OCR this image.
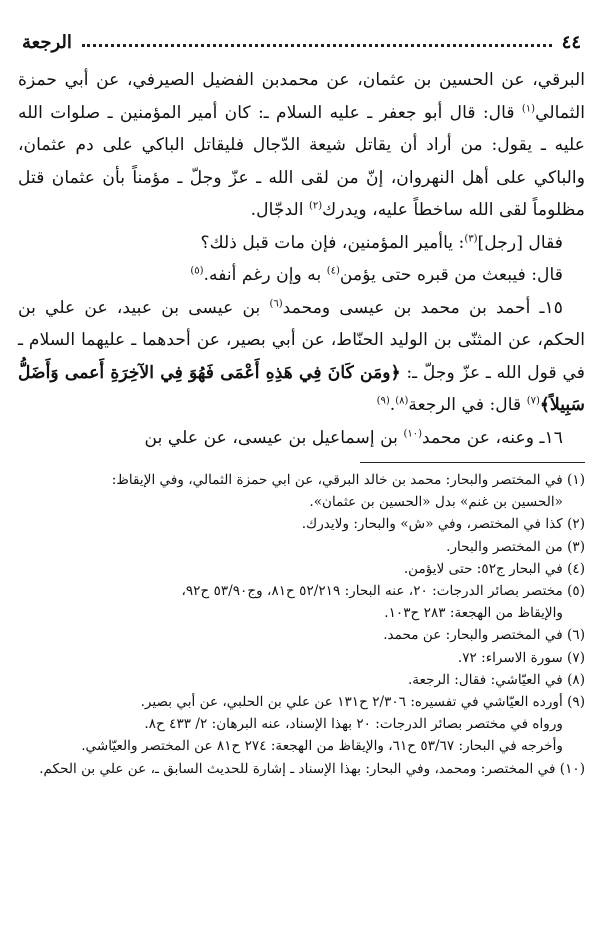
الرجعة	٤٤

البرقي، عن الحسين بن عثمان، عن محمدبن الفضيل الصيرفي، عن أبي حمزة الثمالي$^{(١)}$ قال: قال أبو جعفر ـ عليه السلام ـ: كان أمير المؤمنين ـ صلوات الله عليه ـ يقول: من أراد أن يقاتل شيعة الدّجال فليقاتل الباكي على دم عثمان، والباكي على أهل النهروان، إنّ من لقى الله ـ عزّ وجلّ ـ مؤمناً بأن عثمان قتل مظلوماً لقى الله ساخطاً عليه، ويدرك$^{(٢)}$ الدجّال.

فقال [رجل]$^{(٣)}$: ياأمير المؤمنين، فإن مات قبل ذلك؟

قال: فيبعث من قبره حتى يؤمن$^{(٤)}$ به وإن رغم أنفه.$^{(٥)}$

١٥ـ أحمد بن محمد بن عيسى ومحمد$^{(٦)}$ بن عيسى بن عبيد، عن علي بن الحكم، عن المثنّى بن الوليد الحنّاط، عن أبي بصير، عن أحدهما ـ عليهما السلام ـ في قول الله ـ عزّ وجلّ ـ: ﴿ومَن كَانَ فِي هَذِهِ أَعْمَى فَهُوَ فِي الآخِرَةِ أَعمى وَأَضَلُّ سَبِيلاً﴾$^{(٧)}$ قال: في الرجعة$^{(٨)}$.$^{(٩)}$

١٦ـ وعنه، عن محمد$^{(١٠)}$ بن إسماعيل بن عيسى، عن علي بن

(١) في المختصر والبحار: محمد بن خالد البرقي، عن ابي حمزة الثمالي، وفي الإيقاظ:

«الحسين بن غنم» بدل «الحسين بن عثمان».

(٢) كذا في المختصر، وفي «ش» والبحار: ولايدرك.

(٣) من المختصر والبحار.

(٤) في البحار ج٥٢: حتى لايؤمن.

(٥) مختصر بصائر الدرجات: ٢٠، عنه البحار: ٥٢/٢١٩ ح٨١، وج٥٣/٩٠ ح٩٢،

والإيقاظ من الهجعة: ٢٨٣ ح١٠٣.

(٦) في المختصر والبحار: عن محمد.

(٧) سورة الاسراء: ٧٢.

(٨) في العيّاشي: فقال: الرجعة.

(٩) أورده العيّاشي في تفسيره: ٢/٣٠٦ ح١٣١ عن علي بن الحلبي، عن أبي بصير.

ورواه في مختصر بصائر الدرجات: ٢٠ بهذا الإسناد، عنه البرهان: ٢/ ٤٣٣ ح٨.

وأخرجه في البحار: ٥٣/٦٧ ح٦١، والإيقاظ من الهجعة: ٢٧٤ ح٨١ عن المختصر والعيّاشي.

(١٠) في المختصر: ومحمد، وفي البحار: بهذا الإسناد ـ إشارة للحديث السابق ـ، عن علي بن الحكم.
